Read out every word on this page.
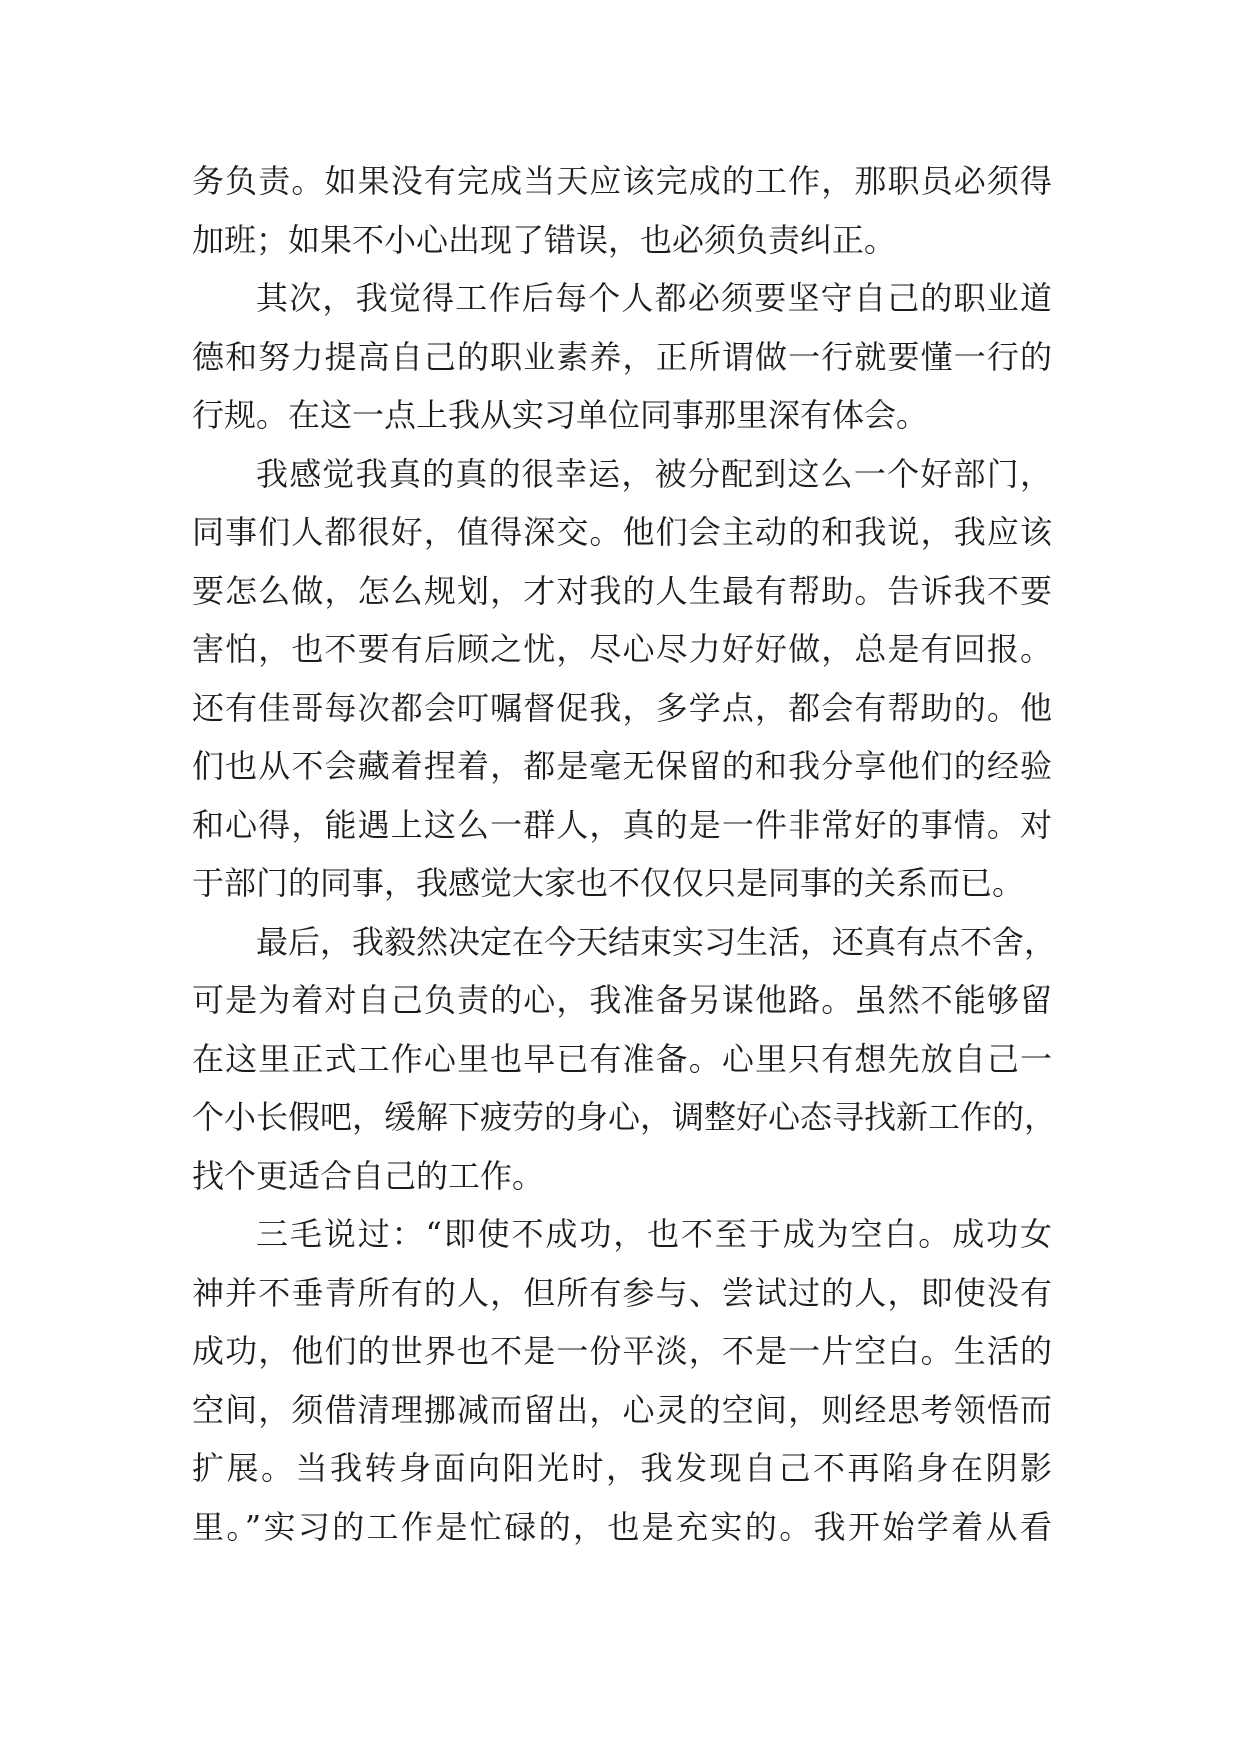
务负责。如果没有完成当天应该完成的工作，那职员必须得
加班；如果不小心出现了错误，也必须负责纠正。
其次，我觉得工作后每个人都必须要坚守自己的职业道
德和努力提高自己的职业素养，正所谓做一行就要懂一行的
行规。在这一点上我从实习单位同事那里深有体会。
我感觉我真的真的很幸运，被分配到这么一个好部门，
同事们人都很好，值得深交。他们会主动的和我说，我应该
要怎么做，怎么规划，才对我的人生最有帮助。告诉我不要
害怕，也不要有后顾之忧，尽心尽力好好做，总是有回报。
还有佳哥每次都会叮嘱督促我，多学点，都会有帮助的。他
们也从不会藏着捏着，都是毫无保留的和我分享他们的经验
和心得，能遇上这么一群人，真的是一件非常好的事情。对
于部门的同事，我感觉大家也不仅仅只是同事的关系而已。
最后，我毅然决定在今天结束实习生活，还真有点不舍，
可是为着对自己负责的心，我准备另谋他路。虽然不能够留
在这里正式工作心里也早已有准备。心里只有想先放自己一
个小长假吧，缓解下疲劳的身心，调整好心态寻找新工作的，
找个更适合自己的工作。
三毛说过：“即使不成功，也不至于成为空白。成功女
神并不垂青所有的人，但所有参与、尝试过的人，即使没有
成功，他们的世界也不是一份平淡，不是一片空白。生活的
空间，须借清理挪减而留出，心灵的空间，则经思考领悟而
扩展。当我转身面向阳光时，我发现自己不再陷身在阴影
里。”实习的工作是忙碌的，也是充实的。我开始学着从看
